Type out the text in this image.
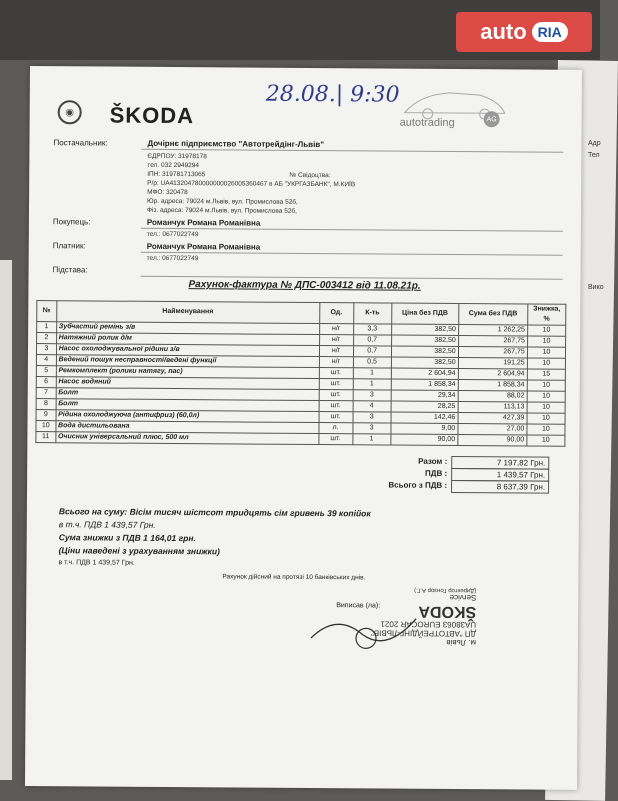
auto RIA
◉	ŠKODA
28.08.| 9:30
autotrading	AG
Постачальник:	Дочірнє підприємство "Автотрейдінг-Львів"
ЄДРПОУ: 31978178
тел. 032 2949294
ІПН: 319781713065	№ Свідоцтва:
Р/р: UA413204780000000026005360467 в АБ "УКРГАЗБАНК", М.КИЇВ
МФО: 320478
Юр. адреса: 79024 м.Львів, вул. Промислова 52б,
Фіз. адреса: 79024 м.Львів, вул. Промислова 52б,
Покупець:	Романчук Романа Романівна
тел.: 0677022749
Платник:	Романчук Романа Романівна
тел.: 0677022749
Підстава:
Рахунок-фактура № ДПС-003412 від 11.08.21р.
№	Найменування	Од.	К-ть	Ціна без ПДВ	Сума без ПДВ	Знижка, %
1	Зубчастий ремінь з/в	н/г	3,3	382,50	1 262,25	10
2	Натяжний ролик д/м	н/г	0,7	382,50	267,75	10
3	Насос охолоджувальної рідини з/в	н/г	0,7	382,50	267,75	10
4	Ведений пошук несправності/ведені функції	н/г	0,5	382,50	191,25	10
5	Ремкомплект (ролики натягу, пас)	шт.	1	2 604,94	2 604,94	15
6	Насос водяний	шт.	1	1 858,34	1 858,34	10
7	Болт	шт.	3	29,34	88,02	10
8	Болт	шт.	4	28,25	113,13	10
9	Рідина охолоджуюча (антифриз) (60,0л)	шт.	3	142,46	427,39	10
10	Вода дистильована	л.	3	9,00	27,00	10
11	Очисник універсальний плюс, 500 мл	шт.	1	90,00	90,00	10
Разом :	7 197,82 Грн.
ПДВ :	1 439,57 Грн.
Всього з ПДВ :	8 637,39 Грн.
Всього на суму: Вісім тисяч шістсот тридцять сім гривень 39 копійок
в т.ч. ПДВ 1 439,57 Грн.
Сума знижки з ПДВ 1 164,01 грн.
(Ціни наведені з урахуванням знижки)
в т.ч. ПДВ 1 439,57 Грн.
Рахунок дійсний на протязі 10 банківських днів.
Виписав (ла):
м. Львів
ДП "АВТОТРЕЙДІНГ-ЛЬВІВ"
UA38063 EUROCAR 2021
ŠKODA
Service
(Директор Гонзор А.Г.)
Адр
Тел
Вико
